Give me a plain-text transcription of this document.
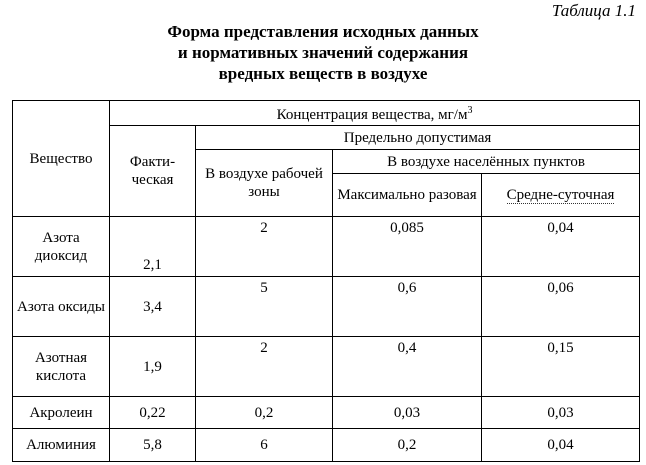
Таблица 1.1
Форма представления исходных данных
и нормативных значений содержания
вредных веществ в воздухе
Вещество	Концентрация вещества, $мг/м^3$
	Факти-ческая	Предельно допустимая		
		В воздухе рабочей зоны	В воздухе населённых пунктов	
			Максимально разовая	Средне-суточная
Азота диоксид	2,1	2	0,085	0,04
Азота оксиды	3,4	5	0,6	0,06
Азотная кислота	1,9	2	0,4	0,15
Акролеин	0,22	0,2	0,03	0,03
Алюминия	5,8	6	0,2	0,04
